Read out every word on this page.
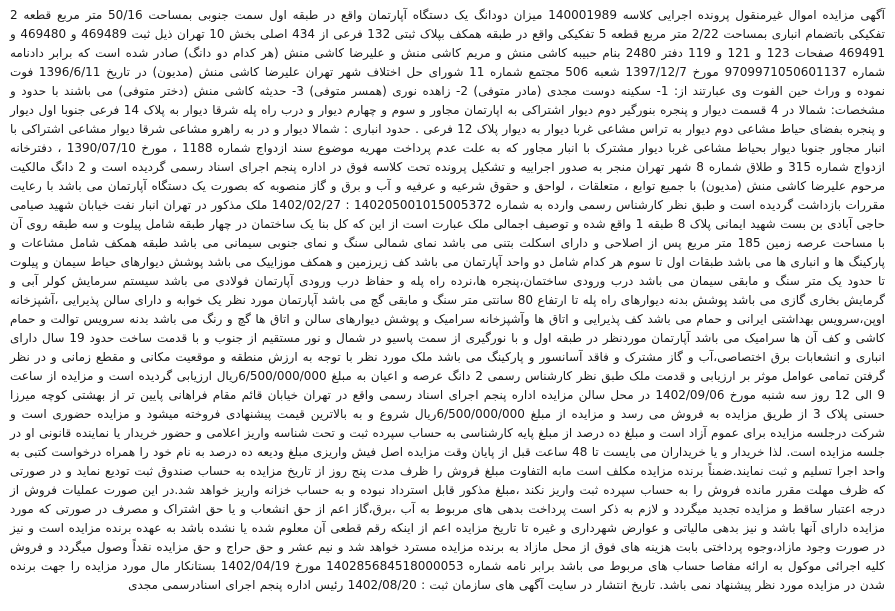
آگهی مزایده اموال غیرمنقول پرونده اجرایی کلاسه 140001989 میزان دودانگ یک دستگاه آپارتمان واقع در طبقه اول سمت جنوبی بمساحت 50/16 متر مربع قطعه 2 تفکیکی باتضمام انباری بمساحت 2/22 متر مربع قطعه 5 تفکیکی واقع در طبقه همکف بپلاک ثبتی 132 فرعی از 434 اصلی بخش 10 تهران ذیل ثبت 469489 و 469480 و 469491 صفحات 123 و 121 و 119 دفتر 2480 بنام حبیبه کاشی منش و مریم کاشی منش و علیرضا کاشی منش (هر کدام دو دانگ) صادر شده است که برابر دادنامه شماره 9709971050601137 مورخ 1397/12/7 شعبه 506 مجتمع شماره 11 شورای حل اختلاف شهر تهران علیرضا کاشی منش (مدیون) در تاریخ 1396/6/11 فوت نموده و وراث حین الفوت وی عبارتند از: 1- سکینه دوست مجدی (مادر متوفی) 2- زاهده نوری (همسر متوفی) 3- حدیثه کاشی منش (دختر متوفی) می باشند با حدود و مشخصات: شمالا در 4 قسمت دیوار و پنجره بنورگیر دوم دیوار اشتراکی به اپارتمان مجاور و سوم و چهارم دیوار و درب راه پله شرقا دیوار به پلاک 14 فرعی جنوبا اول دیوار و پنجره بفضای حیاط مشاعی دوم دیوار به تراس مشاعی غربا دیوار به دیوار پلاک 12 فرعی . حدود انباری : شمالا دیوار و در به راهرو مشاعی شرقا دیوار مشاعی اشتراکی با انبار مجاور جنوبا دیوار بحیاط مشاعی غربا دیوار مشترک با انبار مجاور که به علت عدم پرداخت مهریه موضوع سند ازدواج شماره 1188 ، مورخ 1390/07/10 ، دفترخانه ازدواج شماره 315 و طلاق شماره 8 شهر تهران منجر به صدور اجراییه و تشکیل پرونده تحت کلاسه فوق در اداره پنجم اجرای اسناد رسمی گردیده است و 2 دانگ مالکیت مرحوم علیرضا کاشی منش (مدیون) با جمیع توابع ، متعلقات ، لواحق و حقوق شرعیه و عرفیه و آب و برق و گاز منصوبه که بصورت یک دستگاه آپارتمان می باشد با رعایت مقررات بازداشت گردیده است و طبق نظر کارشناس رسمی وارده به شماره 140205001015005372 : 1402/02/27 ملک مذکور در تهران انبار نفت خیابان شهید صیامی حاجی آبادی بن بست شهید ایمانی پلاک 8 طبقه 1 واقع شده و توصیف اجمالی ملک عبارت است از این که کل بنا یک ساختمان در چهار طبقه شامل پیلوت و سه طبقه روی آن با مساحت عرصه زمین 185 متر مربع پس از اصلاحی و دارای اسکلت بتنی می باشد نمای شمالی سنگ و نمای جنوبی سیمانی می باشد طبقه همکف شامل مشاعات و پارکینگ ها و انباری ها می باشد طبقات اول تا سوم هر کدام شامل دو واحد آپارتمان می باشد کف زیرزمین و همکف موزاییک می باشد پوشش دیوارهای حیاط سیمان و پیلوت تا حدود یک متر سنگ و مابقی سیمان می باشد درب ورودی ساختمان،پنجره ها،نرده راه پله و حفاظ درب ورودی آپارتمان فولادی می باشد سیستم سرمایش کولر آبی و گرمایش بخاری گازی می باشد پوشش بدنه دیوارهای راه پله تا ارتفاع 80 سانتی متر سنگ و مابقی گچ می باشد آپارتمان مورد نظر یک خوابه و دارای سالن پذیرایی ،آشپزخانه اوپن،سرویس بهداشتی ایرانی و حمام می باشد کف پذیرایی و اتاق ها وآشپزخانه سرامیک و پوشش دیوارهای سالن و اتاق ها گچ و رنگ می باشد بدنه سرویس توالت و حمام کاشی و کف آن ها سرامیک می باشد آپارتمان موردنظر در طبقه اول و با نورگیری از سمت پاسیو در شمال و نور مستقیم از جنوب و با قدمت ساخت حدود 19 سال دارای انباری و انشعابات برق اختصاصی،آب و گاز مشترک و فاقد آسانسور و پارکینگ می باشد ملک مورد نظر با توجه به ارزش منطقه و موقعیت مکانی و مقطع زمانی و در نظر گرفتن تمامی عوامل موثر بر ارزیابی و قدمت ملک طبق نظر کارشناس رسمی 2 دانگ عرصه و اعیان به مبلغ 6/500/000/000ریال ارزیابی گردیده است و مزایده از ساعت 9 الی 12 روز سه شنبه مورخ 1402/09/06 در محل سالن مزایده اداره پنجم اجرای اسناد رسمی واقع در تهران خیابان قائم مقام فراهانی پایین تر از بهشتی کوچه میرزا حسنی پلاک 3 از طریق مزایده به فروش می رسد و مزایده از مبلغ 6/500/000/000ریال شروع و به بالاترین قیمت پیشنهادی فروخته میشود و مزایده حضوری است و شرکت درجلسه مزایده برای عموم آزاد است و مبلغ ده درصد از مبلغ پایه کارشناسی به حساب سپرده ثبت و تحت شناسه واریز اعلامی و حضور خریدار یا نماینده قانونی او در جلسه مزایده است. لذا خریدار و یا خریداران می بایست تا 48 ساعت قبل از پایان وقت مزایده اصل فیش واریزی مبلغ ودیعه ده درصد به نام خود را همراه درخواست کتبی به واحد اجرا تسلیم و ثبت نمایند.ضمناً برنده مزایده مکلف است مابه التفاوت مبلغ فروش را ظرف مدت پنج روز از تاریخ مزایده به حساب صندوق ثبت تودیع نماید و در صورتی که ظرف مهلت مقرر مانده فروش را به حساب سپرده ثبت واریز نکند ،مبلغ مذکور قابل استرداد نبوده و به حساب خزانه واریز خواهد شد.در این صورت عملیات فروش از درجه اعتبار ساقط و مزایده تجدید میگردد و لازم به ذکر است پرداخت بدهی های مربوط به آب ،برق،گاز اعم از حق انشعاب و یا حق اشتراک و مصرف در صورتی که مورد مزایده دارای آنها باشد و نیز بدهی مالیاتی و عوارض شهرداری و غیره تا تاریخ مزایده اعم از اینکه رقم قطعی آن معلوم شده یا نشده باشد به عهده برنده مزایده است و نیز در صورت وجود مازاد،وجوه پرداختی بابت هزینه های فوق از محل مازاد به برنده مزایده مسترد خواهد شد و نیم عشر و حق حراج و حق مزایده نقداً وصول میگردد و فروش کلیه اجرائی موکول به ارائه مفاصا حساب های مربوط می باشد برابر نامه شماره 140285684518000053 مورخ 1402/04/19 بستانکار مال مورد مزایده را جهت برنده شدن در مزایده مورد نظر پیشنهاد نمی باشد. تاریخ انتشار در سایت آگهی های سازمان ثبت : 1402/08/20 رئیس اداره پنجم اجرای اسنادرسمی مجدی
